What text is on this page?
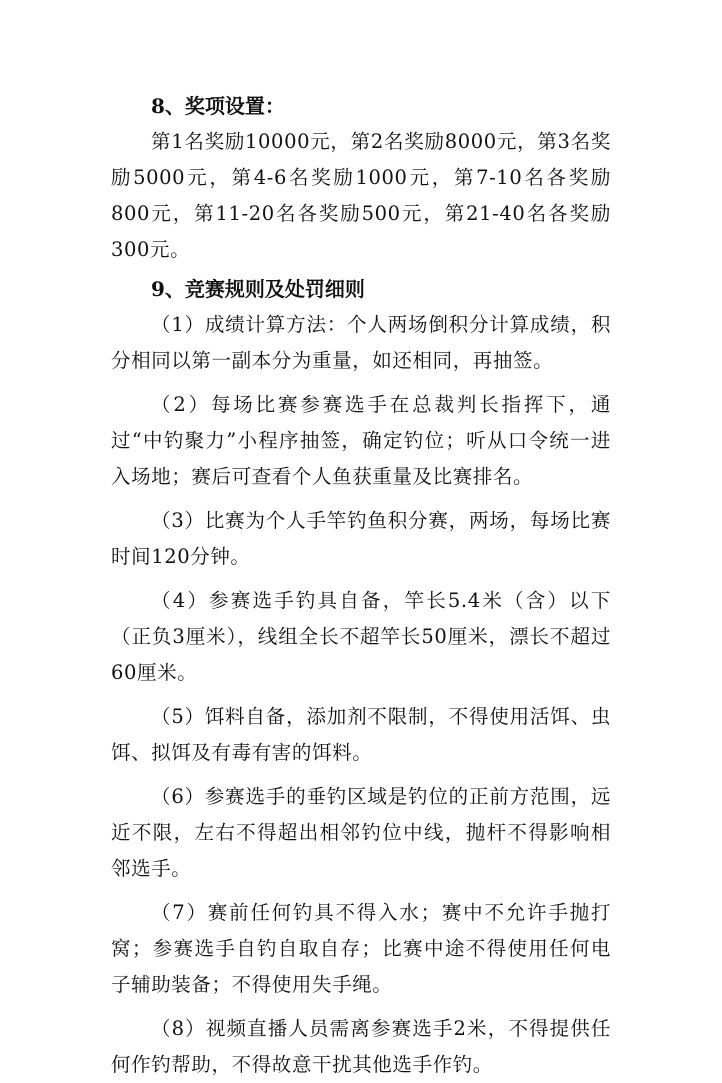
8、奖项设置：

第1名奖励10000元，第2名奖励8000元，第3名奖励5000元，第4-6名奖励1000元，第7-10名各奖励800元，第11-20名各奖励500元，第21-40名各奖励300元。

9、竞赛规则及处罚细则

（1）成绩计算方法：个人两场倒积分计算成绩，积分相同以第一副本分为重量，如还相同，再抽签。

（2）每场比赛参赛选手在总裁判长指挥下，通过“中钓聚力”小程序抽签，确定钓位；听从口令统一进入场地；赛后可查看个人鱼获重量及比赛排名。

（3）比赛为个人手竿钓鱼积分赛，两场，每场比赛时间120分钟。

（4）参赛选手钓具自备，竿长5.4米（含）以下（正负3厘米），线组全长不超竿长50厘米，漂长不超过60厘米。

（5）饵料自备，添加剂不限制，不得使用活饵、虫饵、拟饵及有毒有害的饵料。

（6）参赛选手的垂钓区域是钓位的正前方范围，远近不限，左右不得超出相邻钓位中线，抛杆不得影响相邻选手。

（7）赛前任何钓具不得入水；赛中不允许手抛打窝；参赛选手自钓自取自存；比赛中途不得使用任何电子辅助装备；不得使用失手绳。

（8）视频直播人员需离参赛选手2米，不得提供任何作钓帮助，不得故意干扰其他选手作钓。
